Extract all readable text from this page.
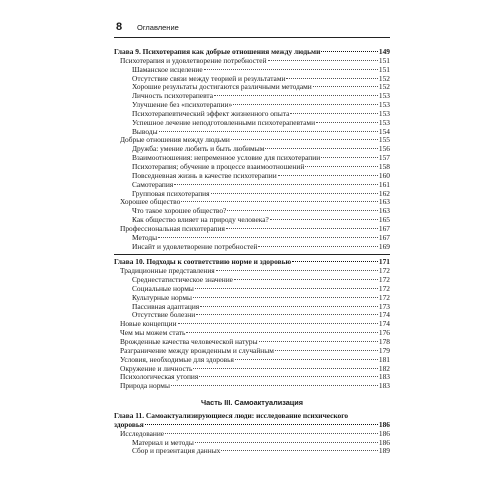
8 Оглавление
Глава 9. Психотерапия как добрые отношения между людьми	149
Психотерапия и удовлетворение потребностей	151
Шаманское исцеление	151
Отсутствие связи между теорией и результатами	152
Хорошие результаты достигаются различными методами	152
Личность психотерапевта	153
Улучшение без «психотерапии»	153
Психотерапевтический эффект жизненного опыта	153
Успешное лечение неподготовленными психотерапевтами	153
Выводы	154
Добрые отношения между людьми	155
Дружба: умение любить и быть любимым	156
Взаимоотношения: непременное условие для психотерапии	157
Психотерапия; обучение в процессе взаимоотношений	158
Повседневная жизнь в качестве психотерапии	160
Самотерапия	161
Групповая психотерапия	162
Хорошее общество	163
Что такое хорошее общество?	163
Как общество влияет на природу человека?	165
Профессиональная психотерапия	167
Методы	167
Инсайт и удовлетворение потребностей	169
Глава 10. Подходы к соответствию норме и здоровью	171
Традиционные представления	172
Среднестатистическое значение	172
Социальные нормы	172
Культурные нормы	172
Пассивная адаптация	173
Отсутствие болезни	174
Новые концепции	174
Чем мы можем стать	176
Врожденные качества человеческой натуры	178
Разграничение между врожденным и случайным	179
Условия, необходимые для здоровья	181
Окружение и личность	182
Психологическая утопия	183
Природа нормы	183
Часть III. Самоактуализация
Глава 11. Самоактуализирующиеся люди: исследование психического
здоровья	186
Исследование	186
Материал и методы	186
Сбор и презентация данных	189
